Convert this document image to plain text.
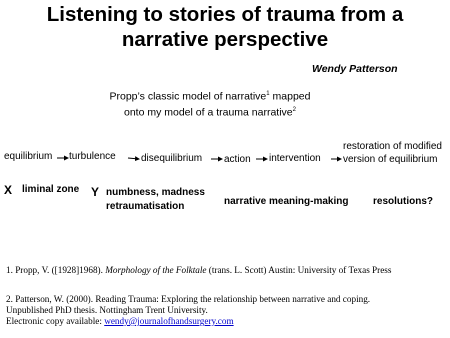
Listening to stories of trauma from a
narrative perspective
Wendy Patterson
Propp’s classic model of narrative$^1$ mapped
onto my model of a trauma narrative$^2$
equilibrium turbulence	disequilibrium action intervention
restoration of modified
version of equilibrium
X liminal zone Y numbness, madness
retraumatisation	narrative meaning-making resolutions?
1. Propp, V. ([1928]1968). Morphology of the Folktale (trans. L. Scott) Austin: University of Texas Press
2. Patterson, W. (2000). Reading Trauma: Exploring the relationship between narrative and coping.
Unpublished PhD thesis. Nottingham Trent University.
Electronic copy available: wendy@journalofhandsurgery.com
